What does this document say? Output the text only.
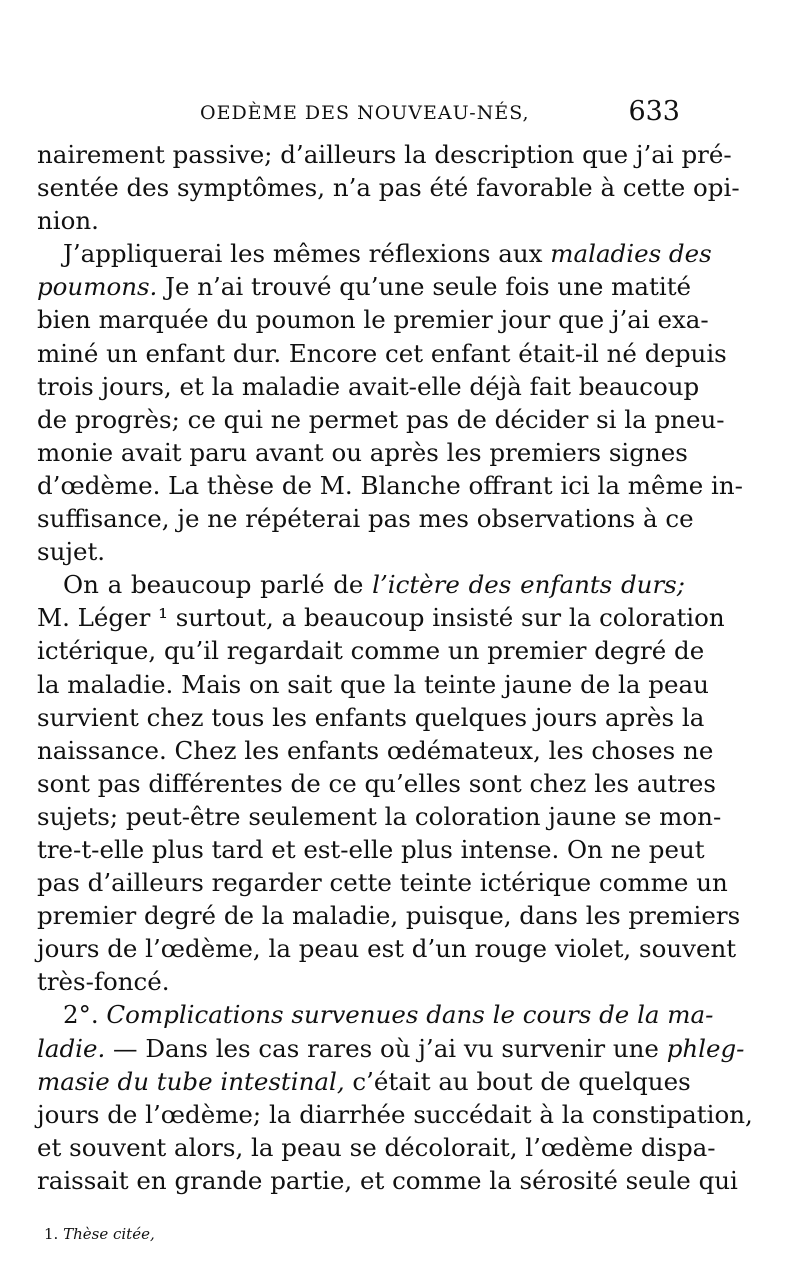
OEDÈME DES NOUVEAU-NÉS,	633
nairement passive; d’ailleurs la description que j’ai pré-
sentée des symptômes, n’a pas été favorable à cette opi-
nion.
J’appliquerai les mêmes réflexions aux maladies des
poumons. Je n’ai trouvé qu’une seule fois une matité
bien marquée du poumon le premier jour que j’ai exa-
miné un enfant dur. Encore cet enfant était-il né depuis
trois jours, et la maladie avait-elle déjà fait beaucoup
de progrès; ce qui ne permet pas de décider si la pneu-
monie avait paru avant ou après les premiers signes
d’œdème. La thèse de M. Blanche offrant ici la même in-
suffisance, je ne répéterai pas mes observations à ce
sujet.
On a beaucoup parlé de l’ictère des enfants durs;
M. Léger ¹ surtout, a beaucoup insisté sur la coloration
ictérique, qu’il regardait comme un premier degré de
la maladie. Mais on sait que la teinte jaune de la peau
survient chez tous les enfants quelques jours après la
naissance. Chez les enfants œdémateux, les choses ne
sont pas différentes de ce qu’elles sont chez les autres
sujets; peut-être seulement la coloration jaune se mon-
tre-t-elle plus tard et est-elle plus intense. On ne peut
pas d’ailleurs regarder cette teinte ictérique comme un
premier degré de la maladie, puisque, dans les premiers
jours de l’œdème, la peau est d’un rouge violet, souvent
très-foncé.
2°. Complications survenues dans le cours de la ma-
ladie. — Dans les cas rares où j’ai vu survenir une phleg-
masie du tube intestinal, c’était au bout de quelques
jours de l’œdème; la diarrhée succédait à la constipation,
et souvent alors, la peau se décolorait, l’œdème dispa-
raissait en grande partie, et comme la sérosité seule qui
1. Thèse citée,
